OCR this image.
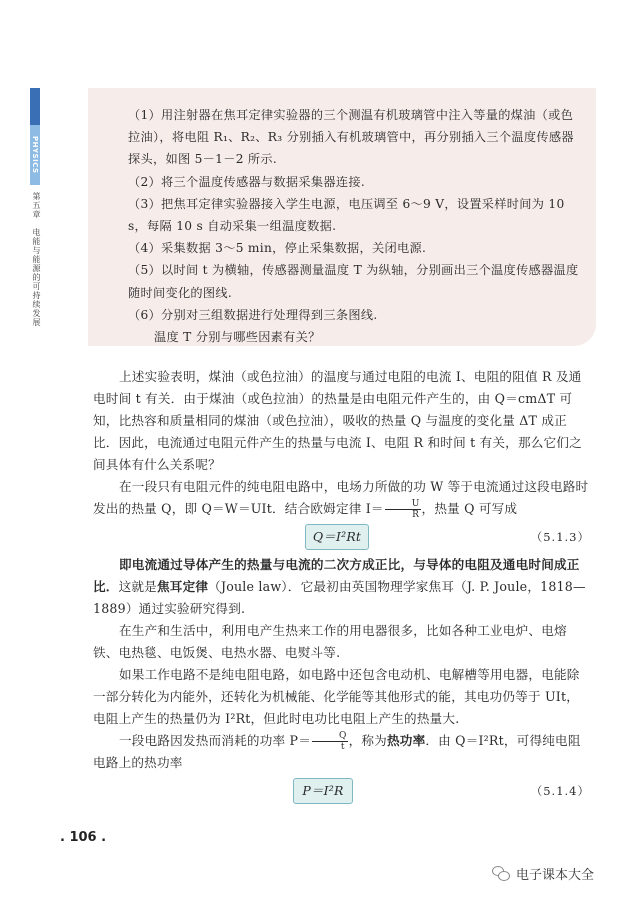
PHYSICS
第五章　电能与能源的可持续发展

（1）用注射器在焦耳定律实验器的三个测温有机玻璃管中注入等量的煤油（或色拉油），将电阻 R₁、R₂、R₃ 分别插入有机玻璃管中，再分别插入三个温度传感器探头，如图 5－1－2 所示.

（2）将三个温度传感器与数据采集器连接.

（3）把焦耳定律实验器接入学生电源，电压调至 6～9 V，设置采样时间为 10 s，每隔 10 s 自动采集一组温度数据.

（4）采集数据 3～5 min，停止采集数据，关闭电源.

（5）以时间 t 为横轴，传感器测量温度 T 为纵轴，分别画出三个温度传感器温度随时间变化的图线.

（6）分别对三组数据进行处理得到三条图线.

温度 T 分别与哪些因素有关？

上述实验表明，煤油（或色拉油）的温度与通过电阻的电流 I、电阻的阻值 R 及通电时间 t 有关．由于煤油（或色拉油）的热量是由电阻元件产生的，由 Q＝cmΔT 可知，比热容和质量相同的煤油（或色拉油），吸收的热量 Q 与温度的变化量 ΔT 成正比．因此，电流通过电阻元件产生的热量与电流 I、电阻 R 和时间 t 有关，那么它们之间具体有什么关系呢？

在一段只有电阻元件的纯电阻电路中，电场力所做的功 W 等于电流通过这段电路时发出的热量 Q，即 Q＝W＝UIt．结合欧姆定律 $I= \frac{U}{R}$ ，热量 Q 可写成

Q＝I²Rt	（5.1.3）

即电流通过导体产生的热量与电流的二次方成正比，与导体的电阻及通电时间成正比．这就是焦耳定律（Joule law）．它最初由英国物理学家焦耳（J. P. Joule，1818—1889）通过实验研究得到.

在生产和生活中，利用电产生热来工作的用电器很多，比如各种工业电炉、电熔铁、电热毯、电饭煲、电热水器、电熨斗等.

如果工作电路不是纯电阻电路，如电路中还包含电动机、电解槽等用电器，电能除一部分转化为内能外，还转化为机械能、化学能等其他形式的能，其电功仍等于 UIt，电阻上产生的热量仍为 I²Rt，但此时电功比电阻上产生的热量大.

一段电路因发热而消耗的功率 $P= \frac{Q}{t}$ ，称为热功率．由 Q＝I²Rt，可得纯电阻电路上的热功率

P＝I²R	（5.1.4）
. 106 .
电子课本大全
